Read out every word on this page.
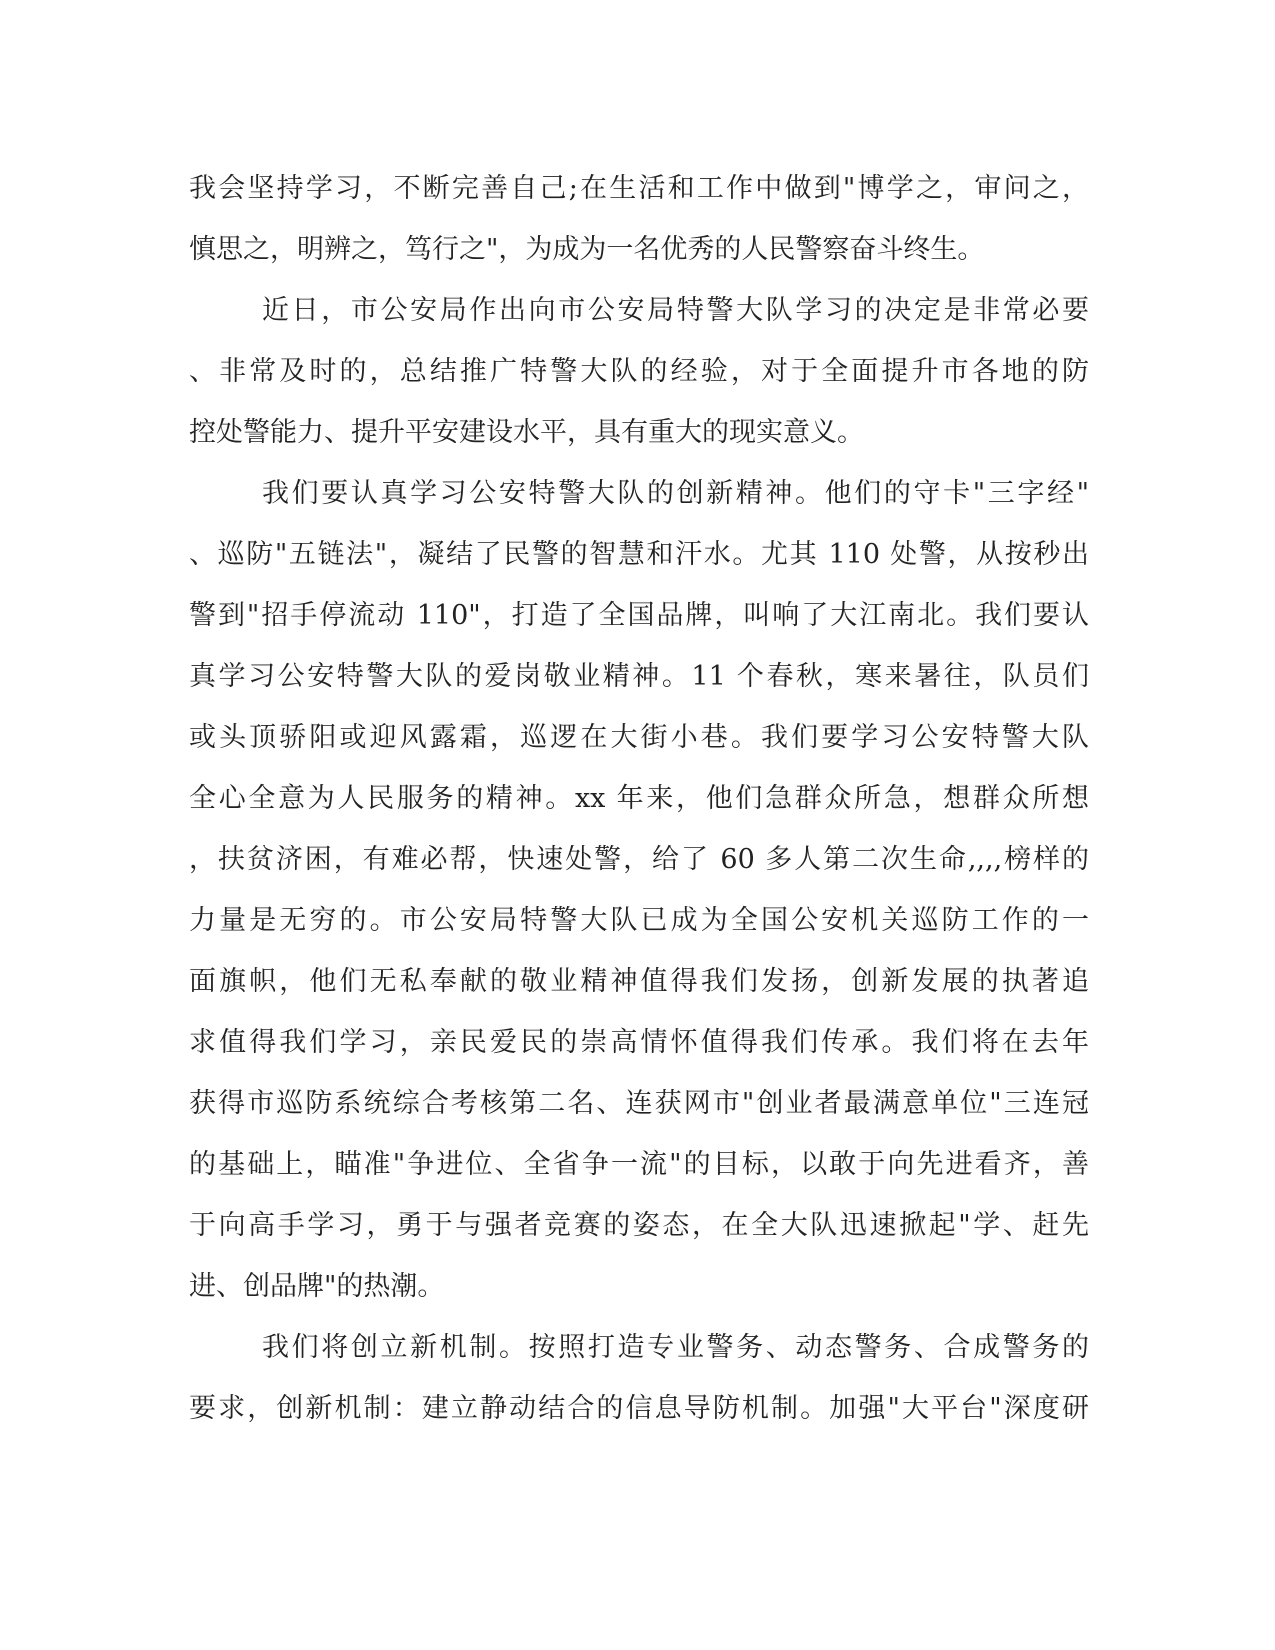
我会坚持学习，不断完善自己;在生活和工作中做到"博学之，审问之，
慎思之，明辨之，笃行之"，为成为一名优秀的人民警察奋斗终生。
近日，市公安局作出向市公安局特警大队学习的决定是非常必要
、非常及时的，总结推广特警大队的经验，对于全面提升市各地的防
控处警能力、提升平安建设水平，具有重大的现实意义。
我们要认真学习公安特警大队的创新精神。他们的守卡"三字经"
、巡防"五链法"，凝结了民警的智慧和汗水。尤其 110 处警，从按秒出
警到"招手停流动 110"，打造了全国品牌，叫响了大江南北。我们要认
真学习公安特警大队的爱岗敬业精神。11 个春秋，寒来暑往，队员们
或头顶骄阳或迎风露霜，巡逻在大街小巷。我们要学习公安特警大队
全心全意为人民服务的精神。xx 年来，他们急群众所急，想群众所想
，扶贫济困，有难必帮，快速处警，给了 60 多人第二次生命,,,,榜样的
力量是无穷的。市公安局特警大队已成为全国公安机关巡防工作的一
面旗帜，他们无私奉献的敬业精神值得我们发扬，创新发展的执著追
求值得我们学习，亲民爱民的崇高情怀值得我们传承。我们将在去年
获得市巡防系统综合考核第二名、连获网市"创业者最满意单位"三连冠
的基础上，瞄准"争进位、全省争一流"的目标，以敢于向先进看齐，善
于向高手学习，勇于与强者竞赛的姿态，在全大队迅速掀起"学、赶先
进、创品牌"的热潮。
我们将创立新机制。按照打造专业警务、动态警务、合成警务的
要求，创新机制：建立静动结合的信息导防机制。加强"大平台"深度研
